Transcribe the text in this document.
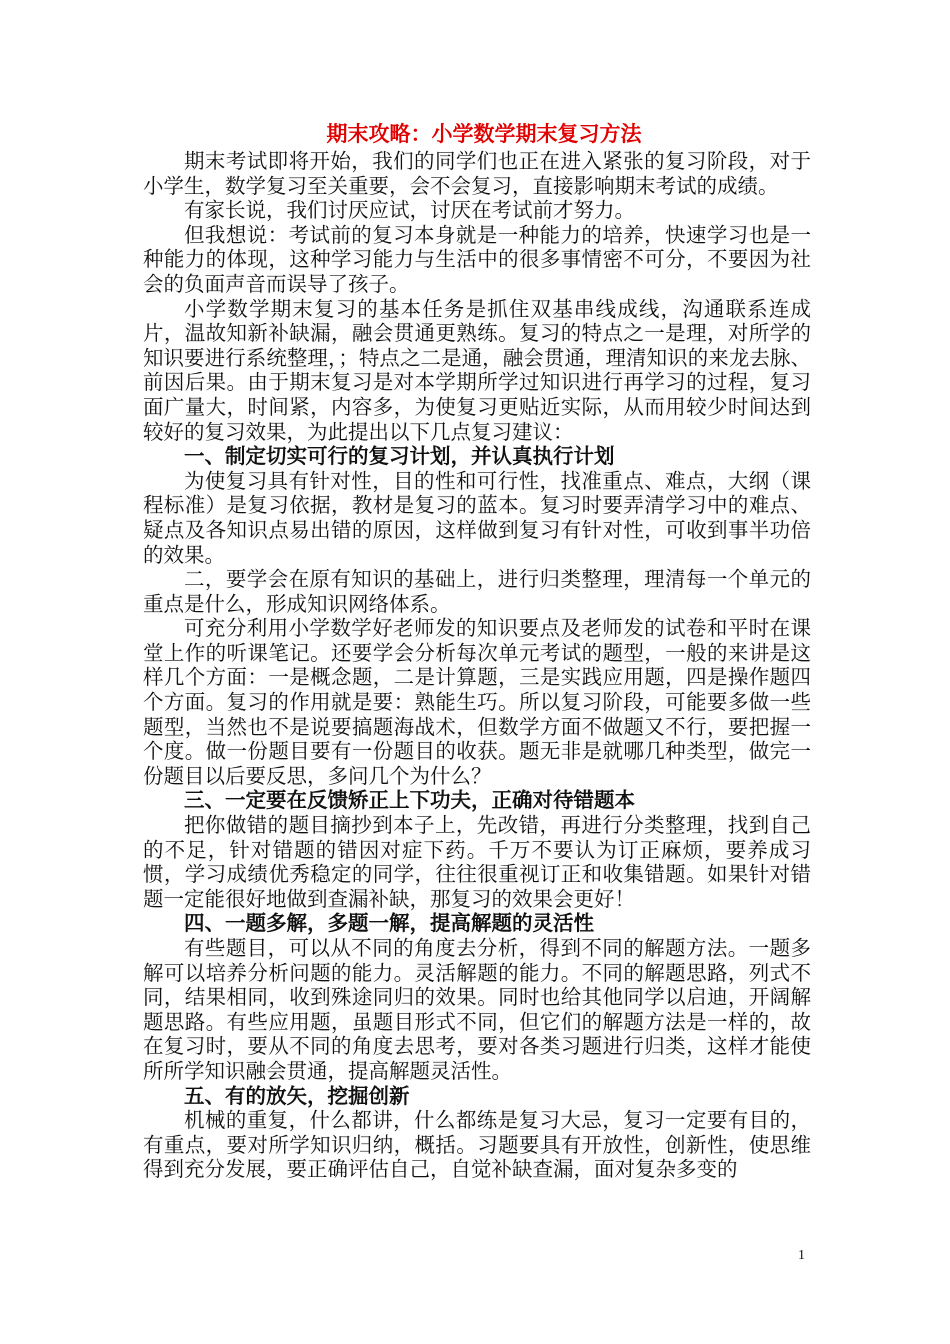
期末攻略：小学数学期末复习方法

期末考试即将开始，我们的同学们也正在进入紧张的复习阶段，对于小学生，数学复习至关重要，会不会复习，直接影响期末考试的成绩。

有家长说，我们讨厌应试，讨厌在考试前才努力。

但我想说：考试前的复习本身就是一种能力的培养，快速学习也是一种能力的体现，这种学习能力与生活中的很多事情密不可分，不要因为社会的负面声音而误导了孩子。

小学数学期末复习的基本任务是抓住双基串线成线，沟通联系连成片，温故知新补缺漏，融会贯通更熟练。复习的特点之一是理，对所学的知识要进行系统整理，；特点之二是通，融会贯通，理清知识的来龙去脉、前因后果。由于期末复习是对本学期所学过知识进行再学习的过程，复习面广量大，时间紧，内容多，为使复习更贴近实际，从而用较少时间达到较好的复习效果，为此提出以下几点复习建议：

一、制定切实可行的复习计划，并认真执行计划

为使复习具有针对性，目的性和可行性，找准重点、难点，大纲（课程标准）是复习依据，教材是复习的蓝本。复习时要弄清学习中的难点、疑点及各知识点易出错的原因，这样做到复习有针对性，可收到事半功倍的效果。

二，要学会在原有知识的基础上，进行归类整理，理清每一个单元的重点是什么，形成知识网络体系。

可充分利用小学数学好老师发的知识要点及老师发的试卷和平时在课堂上作的听课笔记。还要学会分析每次单元考试的题型，一般的来讲是这样几个方面：一是概念题，二是计算题，三是实践应用题，四是操作题四个方面。复习的作用就是要：熟能生巧。所以复习阶段，可能要多做一些题型，当然也不是说要搞题海战术，但数学方面不做题又不行，要把握一个度。做一份题目要有一份题目的收获。题无非是就哪几种类型，做完一份题目以后要反思，多问几个为什么？

三、一定要在反馈矫正上下功夫，正确对待错题本

把你做错的题目摘抄到本子上，先改错，再进行分类整理，找到自己的不足，针对错题的错因对症下药。千万不要认为订正麻烦，要养成习惯，学习成绩优秀稳定的同学，往往很重视订正和收集错题。如果针对错题一定能很好地做到查漏补缺，那复习的效果会更好！

四、一题多解，多题一解，提高解题的灵活性

有些题目，可以从不同的角度去分析，得到不同的解题方法。一题多解可以培养分析问题的能力。灵活解题的能力。不同的解题思路，列式不同，结果相同，收到殊途同归的效果。同时也给其他同学以启迪，开阔解题思路。有些应用题，虽题目形式不同，但它们的解题方法是一样的，故在复习时，要从不同的角度去思考，要对各类习题进行归类，这样才能使所所学知识融会贯通，提高解题灵活性。

五、有的放矢，挖掘创新

机械的重复，什么都讲，什么都练是复习大忌，复习一定要有目的，有重点，要对所学知识归纳，概括。习题要具有开放性，创新性，使思维得到充分发展，要正确评估自己，自觉补缺查漏，面对复杂多变的

1
